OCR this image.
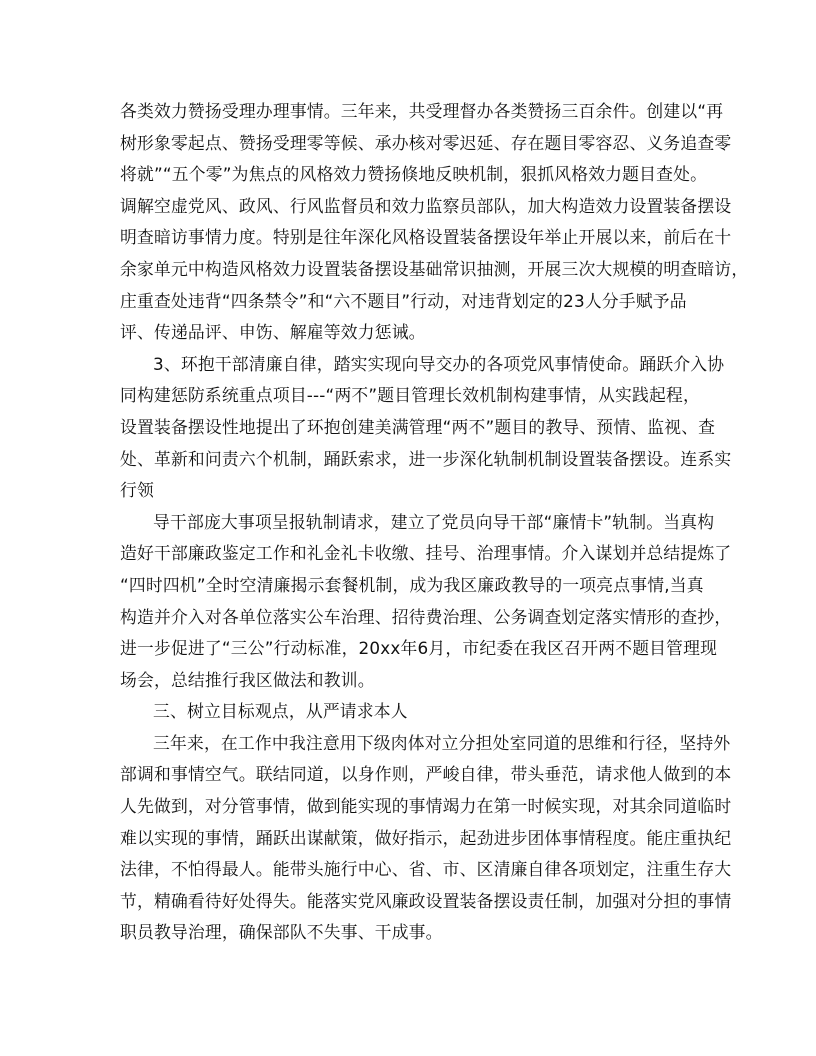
各类效力赞扬受理办理事情。三年来，共受理督办各类赞扬三百余件。创建以“再
树形象零起点、赞扬受理零等候、承办核对零迟延、存在题目零容忍、义务追查零
将就”“五个零”为焦点的风格效力赞扬倏地反映机制，狠抓风格效力题目查处。
调解空虚党风、政风、行风监督员和效力监察员部队，加大构造效力设置装备摆设
明查暗访事情力度。特别是往年深化风格设置装备摆设年举止开展以来，前后在十
余家单元中构造风格效力设置装备摆设基础常识抽测，开展三次大规模的明查暗访，
庄重查处违背“四条禁令”和“六不题目”行动，对违背划定的23人分手赋予品
评、传递品评、申饬、解雇等效力惩诫。
3、环抱干部清廉自律，踏实实现向导交办的各项党风事情使命。踊跃介入协
同构建惩防系统重点项目---“两不”题目管理长效机制构建事情，从实践起程，
设置装备摆设性地提出了环抱创建美满管理“两不”题目的教导、预情、监视、查
处、革新和问责六个机制，踊跃索求，进一步深化轨制机制设置装备摆设。连系实
行领
导干部庞大事项呈报轨制请求，建立了党员向导干部“廉情卡”轨制。当真构
造好干部廉政鉴定工作和礼金礼卡收缴、挂号、治理事情。介入谋划并总结提炼了
“四时四机”全时空清廉揭示套餐机制，成为我区廉政教导的一项亮点事情,当真
构造并介入对各单位落实公车治理、招待费治理、公务调查划定落实情形的查抄，
进一步促进了“三公”行动标准，20xx年6月，市纪委在我区召开两不题目管理现
场会，总结推行我区做法和教训。
三、树立目标观点，从严请求本人
三年来，在工作中我注意用下级肉体对立分担处室同道的思维和行径，坚持外
部调和事情空气。联结同道，以身作则，严峻自律，带头垂范，请求他人做到的本
人先做到，对分管事情，做到能实现的事情竭力在第一时候实现，对其余同道临时
难以实现的事情，踊跃出谋献策，做好指示，起劲进步团体事情程度。能庄重执纪
法律，不怕得最人。能带头施行中心、省、市、区清廉自律各项划定，注重生存大
节，精确看待好处得失。能落实党风廉政设置装备摆设责任制，加强对分担的事情
职员教导治理，确保部队不失事、干成事。
